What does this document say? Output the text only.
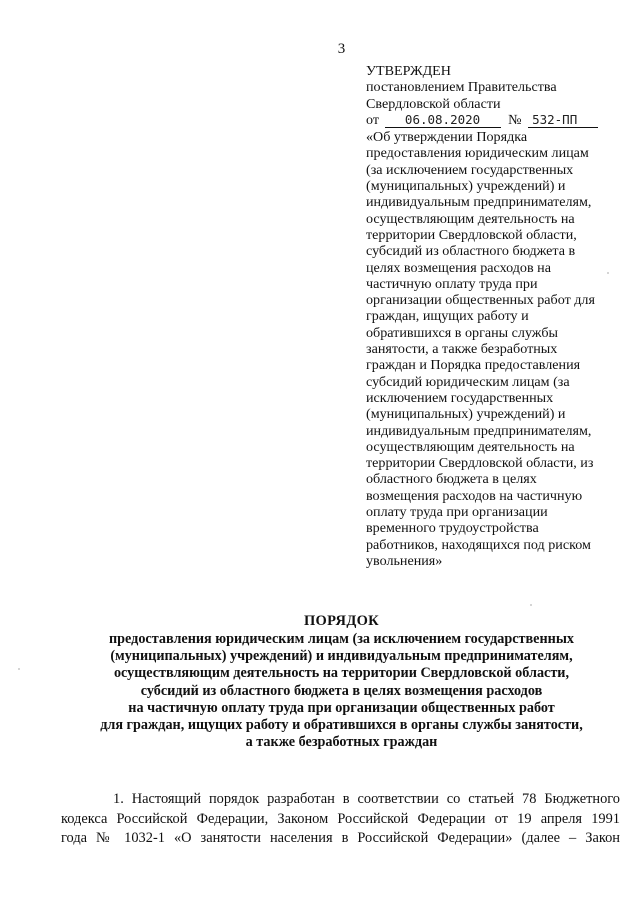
3
УТВЕРЖДЕН
постановлением Правительства
Свердловской области
от 06.08.2020 № 532-ПП
«Об утверждении Порядка
предоставления юридическим лицам
(за исключением государственных
(муниципальных) учреждений) и
индивидуальным предпринимателям,
осуществляющим деятельность на
территории Свердловской области,
субсидий из областного бюджета в
целях возмещения расходов на
частичную оплату труда при
организации общественных работ для
граждан, ищущих работу и
обратившихся в органы службы
занятости, а также безработных
граждан и Порядка предоставления
субсидий юридическим лицам (за
исключением государственных
(муниципальных) учреждений) и
индивидуальным предпринимателям,
осуществляющим деятельность на
территории Свердловской области, из
областного бюджета в целях
возмещения расходов на частичную
оплату труда при организации
временного трудоустройства
работников, находящихся под риском
увольнения»
ПОРЯДОК
предоставления юридическим лицам (за исключением государственных
(муниципальных) учреждений) и индивидуальным предпринимателям,
осуществляющим деятельность на территории Свердловской области,
субсидий из областного бюджета в целях возмещения расходов
на частичную оплату труда при организации общественных работ
для граждан, ищущих работу и обратившихся в органы службы занятости,
а также безработных граждан
1. Настоящий порядок разработан в соответствии со статьей 78 Бюджетного
кодекса Российской Федерации, Законом Российской Федерации от 19 апреля 1991
года № 1032-1 «О занятости населения в Российской Федерации» (далее – Закон
